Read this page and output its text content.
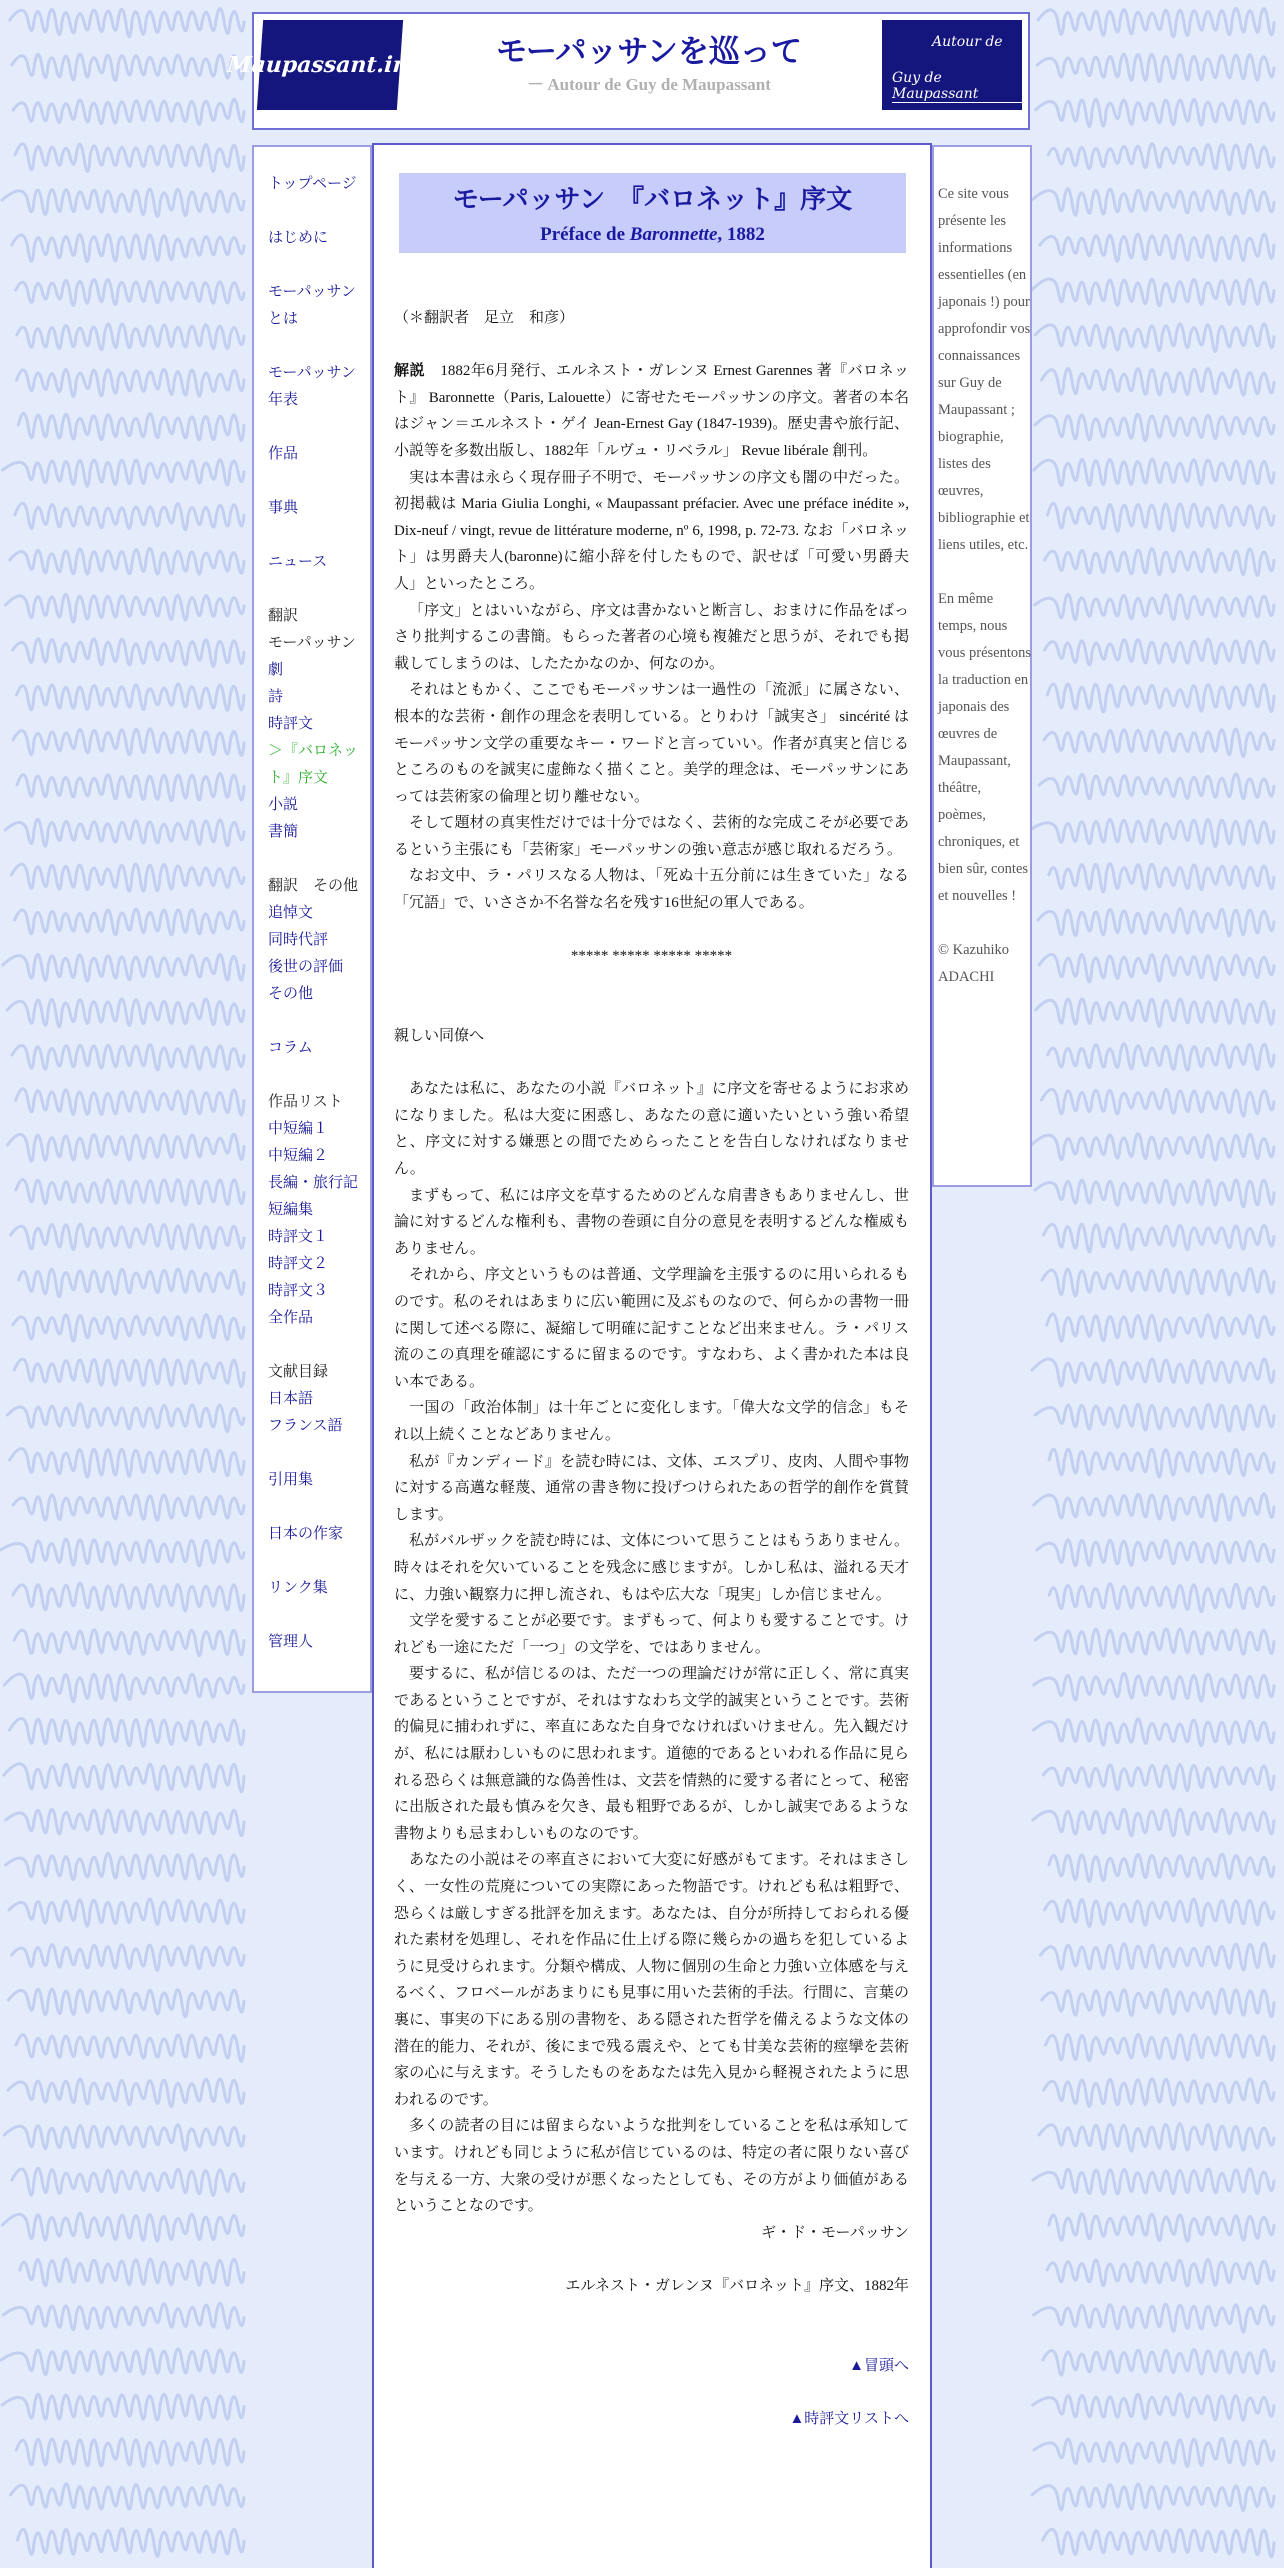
Maupassant.info	モーパッサンを巡って
－ Autour de Guy de Maupassant
Autour de
Guy de Maupassant
トップページ
はじめに
モーパッサン
とは
モーパッサン
年表
作品
事典
ニュース
翻訳
モーパッサン
劇
詩
時評文
＞『バロネッ
ト』序文
小説
書簡
翻訳　その他
追悼文
同時代評
後世の評価
その他
コラム
作品リスト
中短編１
中短編２
長編・旅行記
短編集
時評文１
時評文２
時評文３
全作品
文献目録
日本語
フランス語
引用集
日本の作家
リンク集
管理人
モーパッサン　『バロネット』序文
Préface de Baronnette, 1882

（＊翻訳者　足立　和彦）

解説　1882年6月発行、エルネスト・ガレンヌ Ernest Garennes 著『バロネット』 Baronnette（Paris, Lalouette）に寄せたモーパッサンの序文。著者の本名はジャン＝エルネスト・ゲイ Jean-Ernest Gay (1847-1939)。歴史書や旅行記、小説等を多数出版し、1882年「ルヴュ・リベラル」 Revue libérale 創刊。

実は本書は永らく現存冊子不明で、モーパッサンの序文も闇の中だった。初掲載は Maria Giulia Longhi, « Maupassant préfacier. Avec une préface inédite », Dix-neuf / vingt, revue de littérature moderne, nº 6, 1998, p. 72-73. なお「バロネット」は男爵夫人(baronne)に縮小辞を付したもので、訳せば「可愛い男爵夫人」といったところ。

「序文」とはいいながら、序文は書かないと断言し、おまけに作品をばっさり批判するこの書簡。もらった著者の心境も複雑だと思うが、それでも掲載してしまうのは、したたかなのか、何なのか。

それはともかく、ここでもモーパッサンは一過性の「流派」に属さない、根本的な芸術・創作の理念を表明している。とりわけ「誠実さ」 sincérité はモーパッサン文学の重要なキー・ワードと言っていい。作者が真実と信じるところのものを誠実に虚飾なく描くこと。美学的理念は、モーパッサンにあっては芸術家の倫理と切り離せない。

そして題材の真実性だけでは十分ではなく、芸術的な完成こそが必要であるという主張にも「芸術家」モーパッサンの強い意志が感じ取れるだろう。

なお文中、ラ・パリスなる人物は、「死ぬ十五分前には生きていた」なる「冗語」で、いささか不名誉な名を残す16世紀の軍人である。

***** ***** ***** *****

親しい同僚へ

あなたは私に、あなたの小説『バロネット』に序文を寄せるようにお求めになりました。私は大変に困惑し、あなたの意に適いたいという強い希望と、序文に対する嫌悪との間でためらったことを告白しなければなりません。

まずもって、私には序文を草するためのどんな肩書きもありませんし、世論に対するどんな権利も、書物の巻頭に自分の意見を表明するどんな権威もありません。

それから、序文というものは普通、文学理論を主張するのに用いられるものです。私のそれはあまりに広い範囲に及ぶものなので、何らかの書物一冊に関して述べる際に、凝縮して明確に記すことなど出来ません。ラ・パリス流のこの真理を確認にするに留まるのです。すなわち、よく書かれた本は良い本である。

一国の「政治体制」は十年ごとに変化します。「偉大な文学的信念」もそれ以上続くことなどありません。

私が『カンディード』を読む時には、文体、エスプリ、皮肉、人間や事物に対する高邁な軽蔑、通常の書き物に投げつけられたあの哲学的創作を賞賛します。

私がバルザックを読む時には、文体について思うことはもうありません。時々はそれを欠いていることを残念に感じますが。しかし私は、溢れる天才に、力強い観察力に押し流され、もはや広大な「現実」しか信じません。

文学を愛することが必要です。まずもって、何よりも愛することです。けれども一途にただ「一つ」の文学を、ではありません。

要するに、私が信じるのは、ただ一つの理論だけが常に正しく、常に真実であるということですが、それはすなわち文学的誠実ということです。芸術的偏見に捕われずに、率直にあなた自身でなければいけません。先入観だけが、私には厭わしいものに思われます。道徳的であるといわれる作品に見られる恐らくは無意識的な偽善性は、文芸を情熱的に愛する者にとって、秘密に出版された最も慎みを欠き、最も粗野であるが、しかし誠実であるような書物よりも忌まわしいものなのです。

あなたの小説はその率直さにおいて大変に好感がもてます。それはまさしく、一女性の荒廃についての実際にあった物語です。けれども私は粗野で、恐らくは厳しすぎる批評を加えます。あなたは、自分が所持しておられる優れた素材を処理し、それを作品に仕上げる際に幾らかの過ちを犯しているように見受けられます。分類や構成、人物に個別の生命と力強い立体感を与えるべく、フロベールがあまりにも見事に用いた芸術的手法。行間に、言葉の裏に、事実の下にある別の書物を、ある隠された哲学を備えるような文体の潜在的能力、それが、後にまで残る震えや、とても甘美な芸術的痙攣を芸術家の心に与えます。そうしたものをあなたは先入見から軽視されたように思われるのです。

多くの読者の目には留まらないような批判をしていることを私は承知しています。けれども同じように私が信じているのは、特定の者に限りない喜びを与える一方、大衆の受けが悪くなったとしても、その方がより価値があるということなのです。

ギ・ド・モーパッサン

エルネスト・ガレンヌ『バロネット』序文、1882年

▲冒頭へ

▲時評文リストへ

Ce site vous présente les informations essentielles (en japonais !) pour approfondir vos connaissances sur Guy de Maupassant ; biographie, listes des œuvres, bibliographie et liens utiles, etc.
En même temps, nous vous présentons la traduction en japonais des œuvres de Maupassant, théâtre, poèmes, chroniques, et bien sûr, contes et nouvelles !
© Kazuhiko ADACHI
